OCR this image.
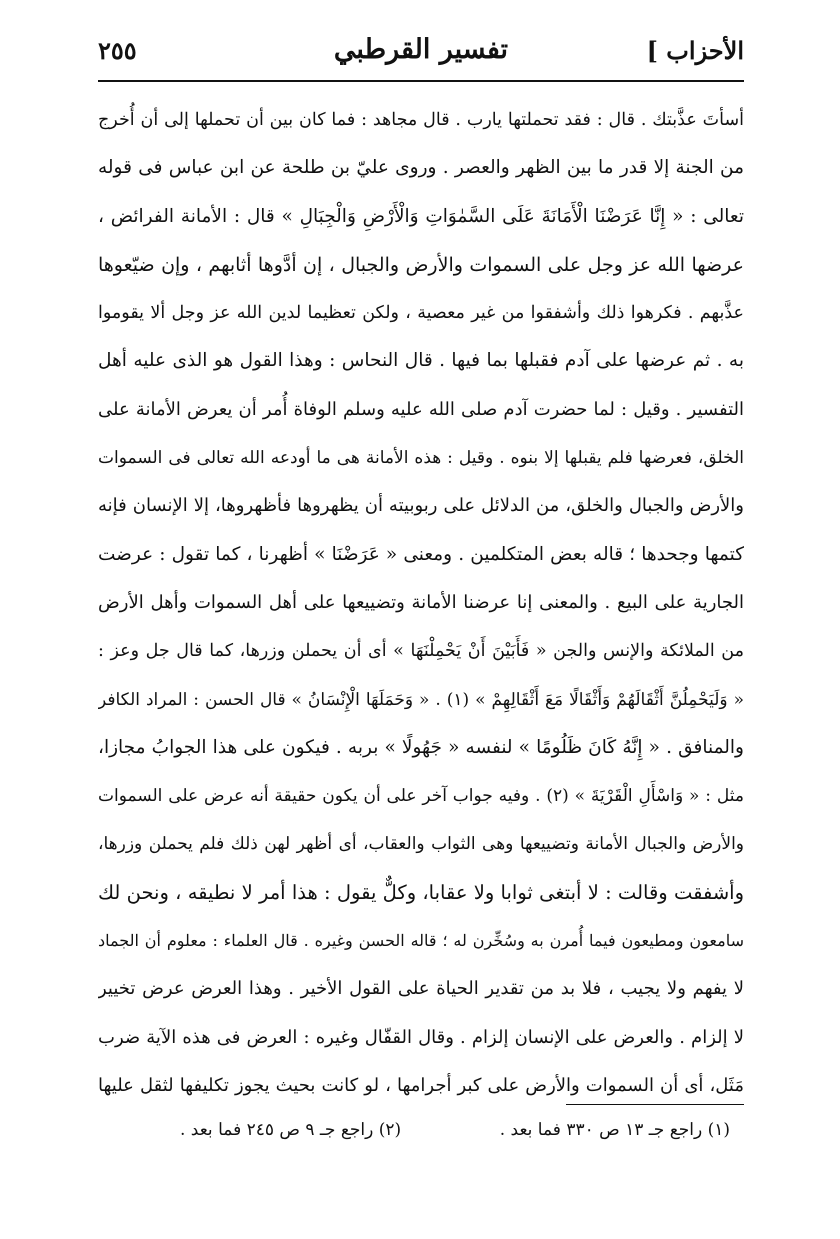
الأحزاب ]
تفسير القرطبي
٢٥٥
أسأتَ عذَّبتك . قال : فقد تحملتها يارب . قال مجاهد : فما كان بين أن تحملها إلى أن أُخرج
من الجنة إلا قدر ما بين الظهر والعصر . وروى عليّ بن طلحة عن ابن عباس فى قوله
تعالى : « إِنَّا عَرَضْنَا الْأَمَانَةَ عَلَى السَّمٰوَاتِ وَالْأَرْضِ وَالْجِبَالِ » قال : الأمانة الفرائض ،
عرضها الله عز وجل على السموات والأرض والجبال ، إن أدَّوها أثابهم ، وإن ضيّعوها
عذَّبهم . فكرهوا ذلك وأشفقوا من غير معصية ، ولكن تعظيما لدين الله عز وجل ألا يقوموا
به . ثم عرضها على آدم فقبلها بما فيها . قال النحاس : وهذا القول هو الذى عليه أهل
التفسير . وقيل : لما حضرت آدم صلى الله عليه وسلم الوفاة أُمر أن يعرض الأمانة على
الخلق، فعرضها فلم يقبلها إلا بنوه . وقيل : هذه الأمانة هى ما أودعه الله تعالى فى السموات
والأرض والجبال والخلق، من الدلائل على ربوبيته أن يظهروها فأظهروها، إلا الإنسان فإنه
كتمها وجحدها ؛ قاله بعض المتكلمين . ومعنى « عَرَضْنَا » أظهرنا ، كما تقول : عرضت
الجارية على البيع . والمعنى إنا عرضنا الأمانة وتضييعها على أهل السموات وأهل الأرض
من الملائكة والإنس والجن « فَأَبَيْنَ أَنْ يَحْمِلْنَهَا » أى أن يحملن وزرها، كما قال جل وعز :
« وَلَيَحْمِلُنَّ أَثْقَالَهُمْ وَأَثْقَالًا مَعَ أَثْقَالِهِمْ » (١) . « وَحَمَلَهَا الْإِنْسَانُ » قال الحسن : المراد الكافر
والمنافق . « إِنَّهُ كَانَ ظَلُومًا » لنفسه « جَهُولًا » بربه . فيكون على هذا الجوابُ مجازا،
مثل : « وَاسْأَلِ الْقَرْيَةَ » (٢) . وفيه جواب آخر على أن يكون حقيقة أنه عرض على السموات
والأرض والجبال الأمانة وتضييعها وهى الثواب والعقاب، أى أظهر لهن ذلك فلم يحملن وزرها،
وأشفقت وقالت : لا أبتغى ثوابا ولا عقابا، وكلٌّ يقول : هذا أمر لا نطيقه ، ونحن لك
سامعون ومطيعون فيما أُمرن به وسُخِّرن له ؛ قاله الحسن وغيره . قال العلماء : معلوم أن الجماد
لا يفهم ولا يجيب ، فلا بد من تقدير الحياة على القول الأخير . وهذا العرض عرض تخيير
لا إلزام . والعرض على الإنسان إلزام . وقال القفّال وغيره : العرض فى هذه الآية ضرب
مَثَل، أى أن السموات والأرض على كبر أجرامها ، لو كانت بحيث يجوز تكليفها لثقل عليها
(١) راجع جـ ١٣ ص ٣٣٠ فما بعد .
(٢) راجع جـ ٩ ص ٢٤٥ فما بعد .
